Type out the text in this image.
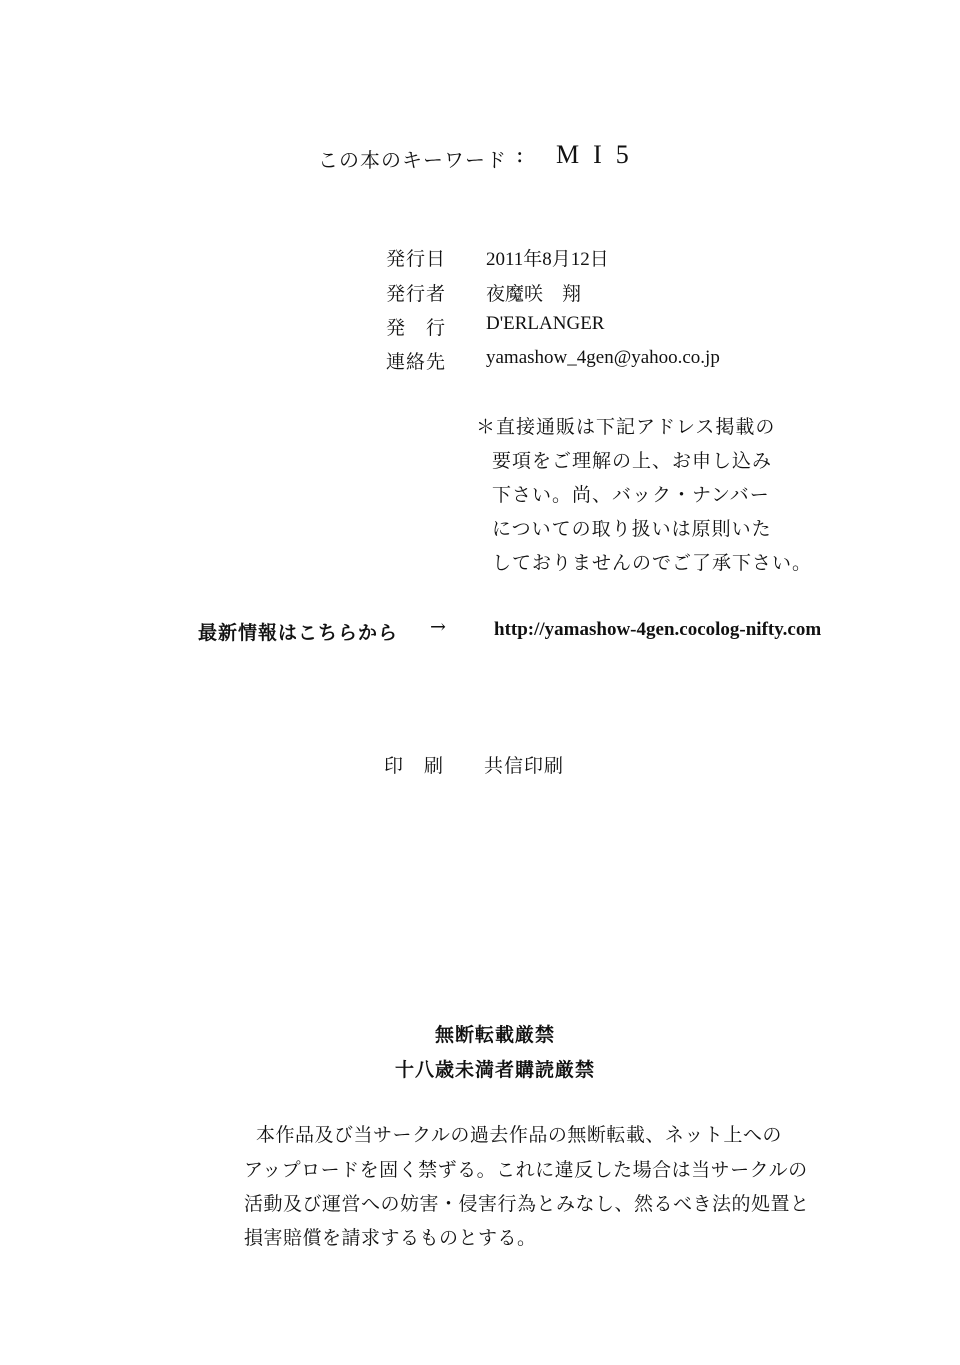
この本のキーワード : MI5
発行日 2011年8月12日
発行者 夜魔咲　翔
発　行 D'ERLANGER
連絡先 yamashow_4gen@yahoo.co.jp
＊直接通販は下記アドレス掲載の
要項をご理解の上、お申し込み
下さい。尚、バック・ナンバー
についての取り扱いは原則いた
しておりませんのでご了承下さい。
最新情報はこちらから → http://yamashow-4gen.cocolog-nifty.com
印　刷 共信印刷
無断転載厳禁
十八歳未満者購読厳禁
本作品及び当サークルの過去作品の無断転載、ネット上への
アップロードを固く禁ずる。これに違反した場合は当サークルの
活動及び運営への妨害・侵害行為とみなし、然るべき法的処置と
損害賠償を請求するものとする。
